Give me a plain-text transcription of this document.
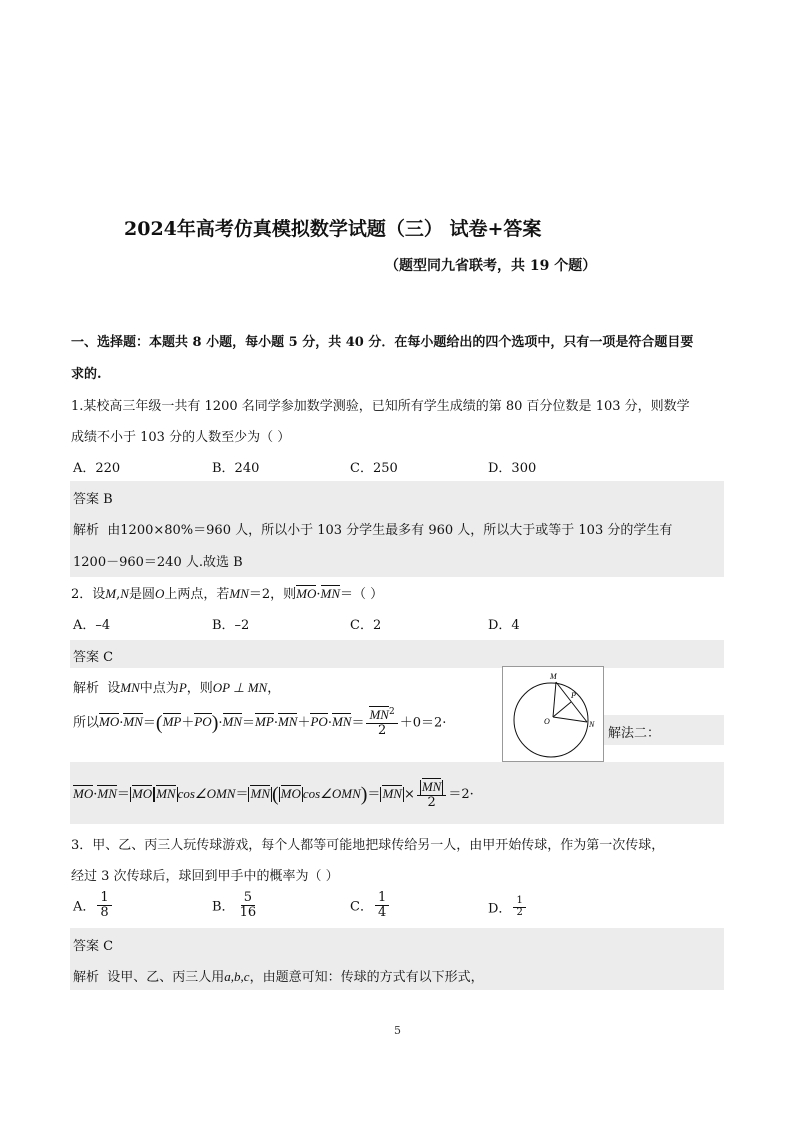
2024年高考仿真模拟数学试题（三） 试卷+答案
（题型同九省联考，共 19 个题）
一、选择题：本题共 8 小题，每小题 5 分，共 40 分．在每小题给出的四个选项中，只有一项是符合题目要
求的.
1.某校高三年级一共有 1200 名同学参加数学测验，已知所有学生成绩的第 80 百分位数是 103 分，则数学
成绩不小于 103 分的人数至少为（ ）
A．220	B．240	C．250	D．300
答案 B
解析 由1200×80%＝960 人，所以小于 103 分学生最多有 960 人，所以大于或等于 103 分的学生有
1200－960＝240 人.故选 B
2．设M,N是圆O上两点，若MN＝2，则MO·MN＝（ ）
A．–4	B．–2	C．2	D．4
答案 C
解析 设MN中点为P，则OP ⊥ MN，
所以$MO\cdot MN=(MP+PO)\cdot MN=MP\cdot MN+PO\cdot MN= \frac{MN^2}{2} +0=2\cdot$
M
P
O	N
解法二：
MO·MN＝ MO MN cos∠OMN＝ MN ( MO cos∠OMN)＝ MN × $\frac{MN}{2} =2\cdot$
3．甲、乙、丙三人玩传球游戏，每个人都等可能地把球传给另一人，由甲开始传球，作为第一次传球，
经过 3 次传球后，球回到甲手中的概率为（ ）
A． $\frac{1}{8}$	B． $\frac{5}{16}$	C． $\frac{1}{4}$	D． $\frac{1}{2}$
答案 C
解析 设甲、乙、丙三人用a,b,c，由题意可知：传球的方式有以下形式，
5
